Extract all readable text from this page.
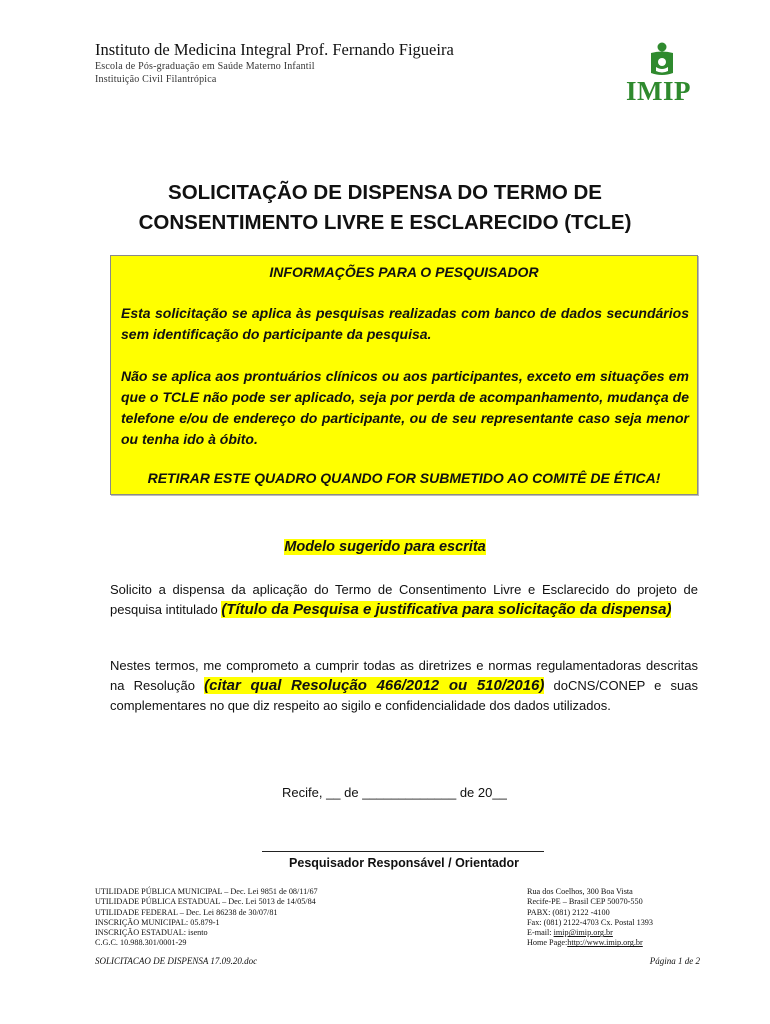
Instituto de Medicina Integral Prof. Fernando Figueira
Escola de Pós-graduação em Saúde Materno Infantil
Instituição Civil Filantrópica	IMIP
SOLICITAÇÃO DE DISPENSA DO TERMO DE
CONSENTIMENTO LIVRE E ESCLARECIDO (TCLE)
INFORMAÇÕES PARA O PESQUISADOR
Esta solicitação se aplica às pesquisas realizadas com banco de dados secundários sem identificação do participante da pesquisa.
Não se aplica aos prontuários clínicos ou aos participantes, exceto em situações em que o TCLE não pode ser aplicado, seja por perda de acompanhamento, mudança de telefone e/ou de endereço do participante, ou de seu representante caso seja menor ou tenha ido à óbito.
RETIRAR ESTE QUADRO QUANDO FOR SUBMETIDO AO COMITÊ DE ÉTICA!
Modelo sugerido para escrita
Solicito a dispensa da aplicação do Termo de Consentimento Livre e Esclarecido do projeto de pesquisa intitulado (Título da Pesquisa e justificativa para solicitação da dispensa)
Nestes termos, me comprometo a cumprir todas as diretrizes e normas regulamentadoras descritas na Resolução (citar qual Resolução 466/2012 ou 510/2016) doCNS/CONEP e suas complementares no que diz respeito ao sigilo e confidencialidade dos dados utilizados.
Recife, __ de _____________ de 20__
Pesquisador Responsável / Orientador
UTILIDADE PÚBLICA MUNICIPAL – Dec. Lei 9851 de 08/11/67
UTILIDADE PÚBLICA ESTADUAL – Dec. Lei 5013 de 14/05/84
UTILIDADE FEDERAL – Dec. Lei 86238 de 30/07/81
INSCRIÇÃO MUNICIPAL: 05.879-1
INSCRIÇÃO ESTADUAL: isento
C.G.C. 10.988.301/0001-29
Rua dos Coelhos, 300 Boa Vista
Recife-PE – Brasil CEP 50070-550
PABX: (081) 2122 -4100
Fax: (081) 2122-4703 Cx. Postal 1393
E-mail: imip@imip.org.br
Home Page:http://www.imip.org.br
SOLICITACAO DE DISPENSA 17.09.20.doc	Página 1 de 2
